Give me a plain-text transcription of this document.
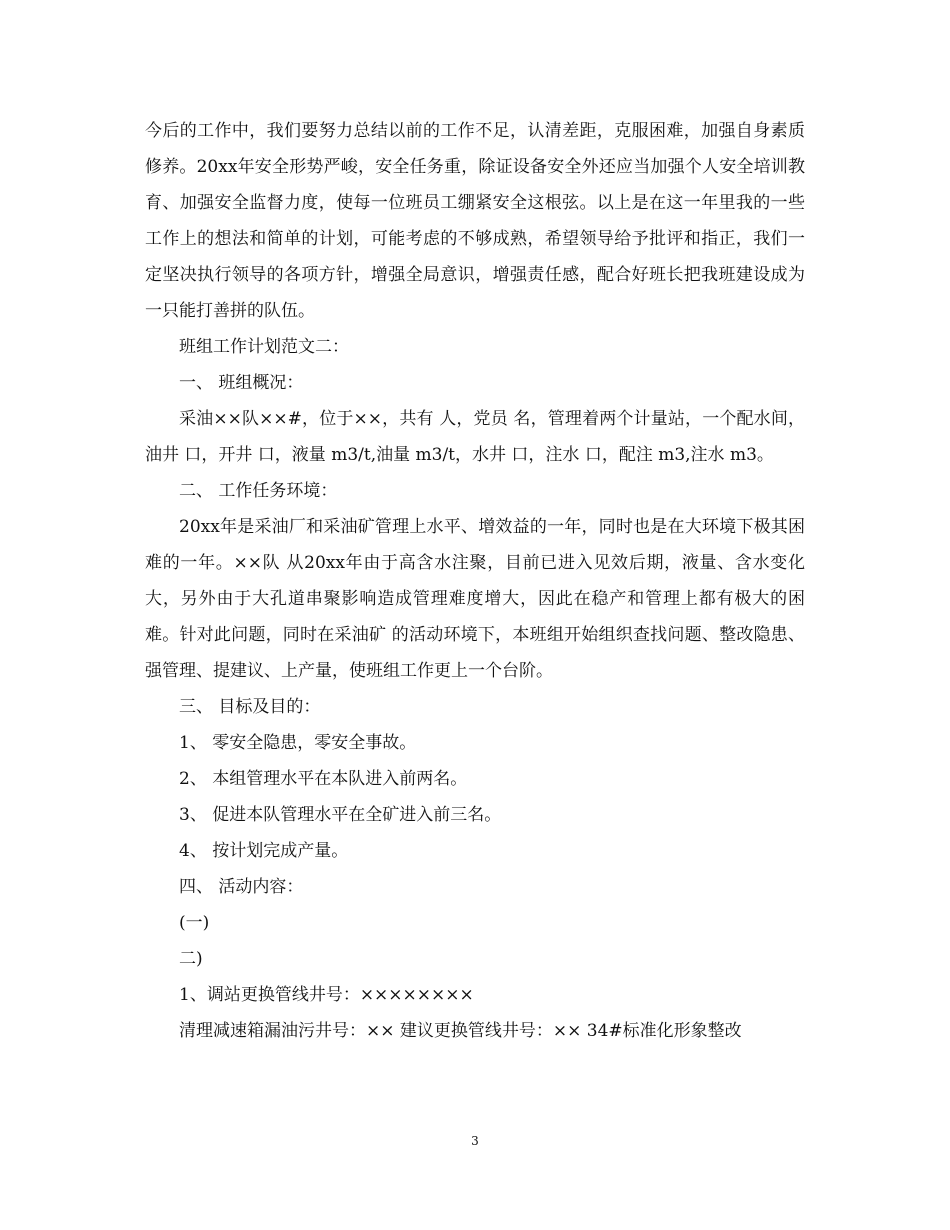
今后的工作中，我们要努力总结以前的工作不足，认清差距，克服困难，加强自身素质修养。20xx年安全形势严峻，安全任务重，除证设备安全外还应当加强个人安全培训教育、加强安全监督力度，使每一位班员工绷紧安全这根弦。以上是在这一年里我的一些工作上的想法和简单的计划，可能考虑的不够成熟，希望领导给予批评和指正，我们一定坚决执行领导的各项方针，增强全局意识，增强责任感，配合好班长把我班建设成为一只能打善拼的队伍。

班组工作计划范文二：

一、 班组概况：

采油××队××#，位于××，共有 人，党员 名，管理着两个计量站，一个配水间，油井 口，开井 口，液量 m3/t,油量 m3/t，水井 口，注水 口，配注 m3,注水 m3。

二、 工作任务环境：

20xx年是采油厂和采油矿管理上水平、增效益的一年，同时也是在大环境下极其困难的一年。××队 从20xx年由于高含水注聚，目前已进入见效后期，液量、含水变化大，另外由于大孔道串聚影响造成管理难度增大，因此在稳产和管理上都有极大的困难。针对此问题，同时在采油矿 的活动环境下，本班组开始组织查找问题、整改隐患、强管理、提建议、上产量，使班组工作更上一个台阶。

三、 目标及目的：

1、 零安全隐患，零安全事故。

2、 本组管理水平在本队进入前两名。

3、 促进本队管理水平在全矿进入前三名。

4、 按计划完成产量。

四、 活动内容：

(一)

二)

1、调站更换管线井号：××××××××

清理减速箱漏油污井号：×× 建议更换管线井号：×× 34#标准化形象整改

3
